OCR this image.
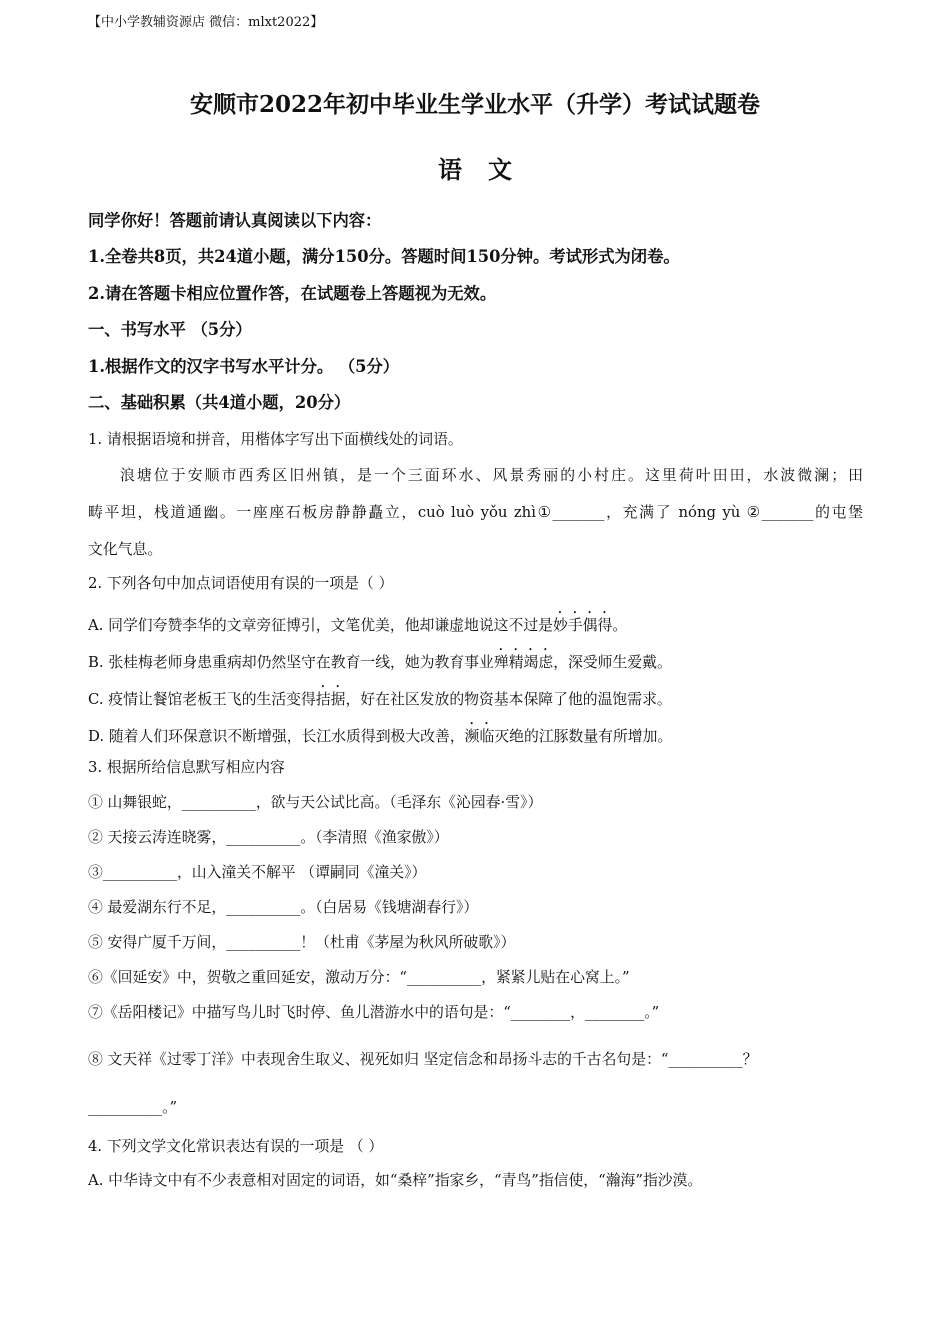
【中小学教辅资源店 微信：mlxt2022】
安顺市2022年初中毕业生学业水平（升学）考试试题卷
语文
同学你好！答题前请认真阅读以下内容：
1.全卷共8页，共24道小题，满分150分。答题时间150分钟。考试形式为闭卷。
2.请在答题卡相应位置作答，在试题卷上答题视为无效。
一、书写水平 （5分）
1.根据作文的汉字书写水平计分。 （5分）
二、基础积累（共4道小题，20分）
1. 请根据语境和拼音，用楷体字写出下面横线处的词语。
浪塘位于安顺市西秀区旧州镇，是一个三面环水、风景秀丽的小村庄。这里荷叶田田，水波微澜；田
畴平坦，栈道通幽。一座座石板房静静矗立，cuò luò yǒu zhì①_______，充满了 nóng yù ②_______的屯堡
文化气息。
2. 下列各句中加点词语使用有误的一项是（ ）
A. 同学们夸赞李华的文章旁征博引，文笔优美，他却谦虚地说这不过是妙手偶得。
B. 张桂梅老师身患重病却仍然坚守在教育一线，她为教育事业殚精竭虑，深受师生爱戴。
C. 疫情让餐馆老板王飞的生活变得拮据，好在社区发放的物资基本保障了他的温饱需求。
D. 随着人们环保意识不断增强，长江水质得到极大改善，濒临灭绝的江豚数量有所增加。
3. 根据所给信息默写相应内容
① 山舞银蛇，__________，欲与天公试比高。（毛泽东《沁园春·雪》）
② 天接云涛连晓雾，__________。（李清照《渔家傲》）
③__________，山入潼关不解平 （谭嗣同《潼关》）
④ 最爱湖东行不足，__________。（白居易《钱塘湖春行》）
⑤ 安得广厦千万间，__________！（杜甫《茅屋为秋风所破歌》）
⑥《回延安》中，贺敬之重回延安，激动万分：“__________，紧紧儿贴在心窝上。”
⑦《岳阳楼记》中描写鸟儿时飞时停、鱼儿潜游水中的语句是：“________，________。”
⑧ 文天祥《过零丁洋》中表现舍生取义、视死如归 坚定信念和昂扬斗志的千古名句是：“__________？
__________。”
4. 下列文学文化常识表达有误的一项是 （ ）
A. 中华诗文中有不少表意相对固定的词语，如“桑梓”指家乡，“青鸟”指信使，“瀚海”指沙漠。
